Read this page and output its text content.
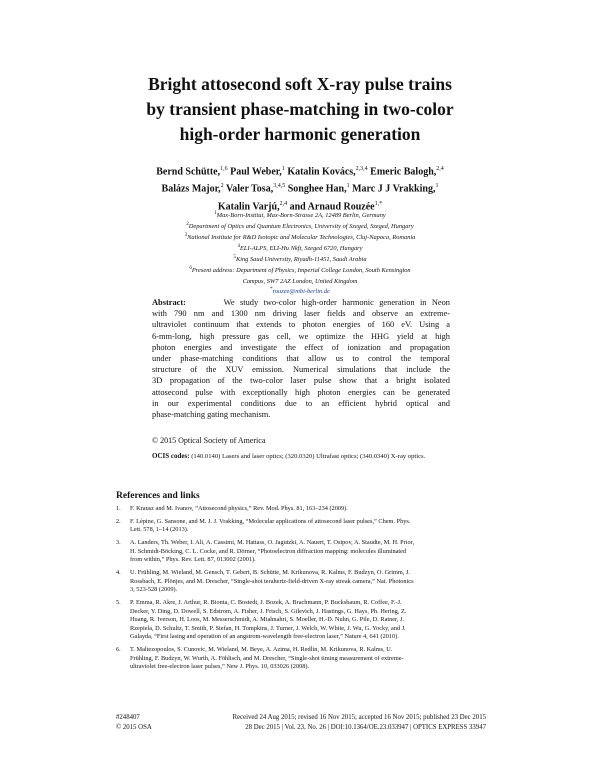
Bright attosecond soft X-ray pulse trains
by transient phase-matching in two-color
high-order harmonic generation
Bernd Schütte,$^{1,6}$ Paul Weber,$^1$ Katalin Kovács,$^{2,3,4}$ Emeric Balogh,$^{2,4}$
Balázs Major,$^2$ Valer Tosa,$^{3,4,5}$ Songhee Han,$^1$ Marc J J Vrakking,$^1$
Katalin Varjú,$^{2,4}$ and Arnaud Rouzée$^{1,*}$
$^1$Max-Born-Institut, Max-Born-Strasse 2A, 12489 Berlin, Germany
$^2$Department of Optics and Quantum Electronics, University of Szeged, Szeged, Hungary
$^3$National Institute for R&D Isotopic and Molecular Technologies, Cluj-Napoca, Romania
$^4$ELI-ALPS, ELI-Hu Nkft, Szeged 6720, Hungary
$^5$King Saud University, Riyadh-11451, Saudi Arabia
$^6$Present address: Department of Physics, Imperial College London, South Kensington
Campus, SW7 2AZ London, United Kingdom
*rouzee@mbi-berlin.de
Abstract:	We study two-color high-order harmonic generation in Neon
with 790 nm and 1300 nm driving laser fields and observe an extreme-
ultraviolet continuum that extends to photon energies of 160 eV. Using a
6-mm-long, high pressure gas cell, we optimize the HHG yield at high
photon energies and investigate the effect of ionization and propagation
under phase-matching conditions that allow us to control the temporal
structure of the XUV emission. Numerical simulations that include the
3D propagation of the two-color laser pulse show that a bright isolated
attosecond pulse with exceptionally high photon energies can be generated
in our experimental conditions due to an efficient hybrid optical and
phase-matching gating mechanism.
© 2015 Optical Society of America
OCIS codes: (140.0140) Lasers and laser optics; (320.0320) Ultrafast optics; (340.0340) X-ray optics.
References and links
1. F. Krausz and M. Ivanov, “Attosecond physics,” Rev. Mod. Phys. 81, 163–234 (2009).
2. F. Lépine, G. Sansone, and M. J. J. Vrakking, “Molecular applications of attosecond laser pulses,” Chem. Phys.
Lett. 578, 1–14 (2013).
3. A. Landers, Th. Weber, I. Ali, A. Cassimi, M. Hattass, O. Jagutzki, A. Nauert, T. Osipov, A. Staudte, M. H. Prior,
H. Schmidt-Böcking, C. L. Cocke, and R. Dörner, “Photoelectron diffraction mapping: molecules illuminated
from within,” Phys. Rev. Lett. 87, 013002 (2001).
4. U. Frühling, M. Wieland, M. Gensch, T. Gebert, B. Schütte, M. Krikunova, R. Kalms, F. Budzyn, O. Grimm, J.
Rossbach, E. Plönjes, and M. Drescher, “Single-shot terahertz-field-driven X-ray streak camera,” Nat. Photonics
3, 523-528 (2009).
5. P. Emma, R. Akre, J. Arthur, R. Bionta, C. Bostedt, J. Bozek, A. Brachmann, P. Bucksbaum, R. Coffee, F.-J.
Decker, Y. Ding, D. Dowell, S. Edstrom, A. Fisher, J. Frisch, S. Gilevich, J. Hastings, G. Hays, Ph. Hering, Z.
Huang, R. Iverson, H. Loos, M. Messerschmidt, A. Miahnahri, S. Moeller, H.-D. Nuhn, G. Pile, D. Ratner, J.
Rzepiela, D. Schultz, T. Smith, P. Stefan, H. Tompkins, J. Turner, J. Welch, W. White, J. Wu, G. Yocky, and J.
Galayda, “First lasing and operation of an angstrom-wavelength free-electron laser,” Nature 4, 641 (2010).
6. T. Maltezopoulos, S. Cunovic, M. Wieland, M. Beye, A. Azima, H. Redlin, M. Krikunova, R. Kalms, U.
Frühling, F. Budzyn, W. Wurth, A. Föhlisch, and M. Drescher, “Single-shot timing measurement of extreme-
ultraviolet free-electron laser pulses,” New J. Phys. 10, 033026 (2008).
#248407
© 2015 OSA
Received 24 Aug 2015; revised 16 Nov 2015; accepted 16 Nov 2015; published 23 Dec 2015
28 Dec 2015 | Vol. 23, No. 26 | DOI:10.1364/OE.23.033947 | OPTICS EXPRESS 33947
